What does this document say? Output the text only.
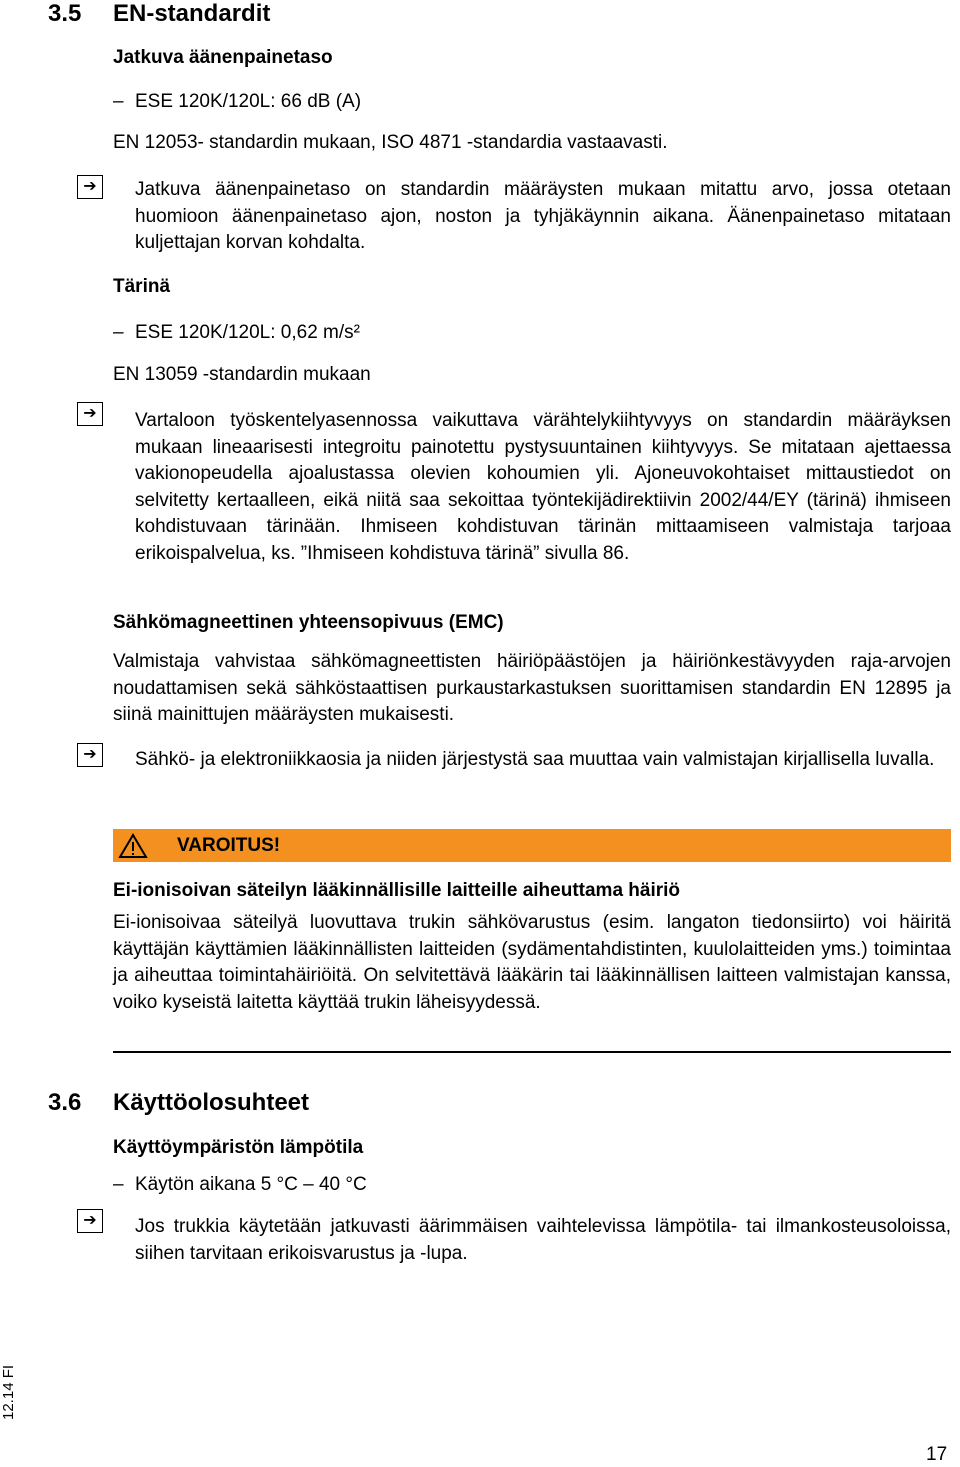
3.5 EN-standardit
Jatkuva äänenpainetaso
– ESE 120K/120L: 66 dB (A)
EN 12053- standardin mukaan, ISO 4871 -standardia vastaavasti.
➔	Jatkuva äänenpainetaso on standardin määräysten mukaan mitattu arvo, jossa otetaan huomioon äänenpainetaso ajon, noston ja tyhjäkäynnin aikana. Äänenpainetaso mitataan kuljettajan korvan kohdalta.
Tärinä
– ESE 120K/120L: 0,62 m/s²
EN 13059 -standardin mukaan
➔	Vartaloon työskentelyasennossa vaikuttava värähtelykiihtyvyys on standardin määräyksen mukaan lineaarisesti integroitu painotettu pystysuuntainen kiihtyvyys. Se mitataan ajettaessa vakionopeudella ajoalustassa olevien kohoumien yli. Ajoneuvokohtaiset mittaustiedot on selvitetty kertaalleen, eikä niitä saa sekoittaa työntekijädirektiivin 2002/44/EY (tärinä) ihmiseen kohdistuvaan tärinään. Ihmiseen kohdistuvan tärinän mittaamiseen valmistaja tarjoaa erikoispalvelua, ks. ”Ihmiseen kohdistuva tärinä” sivulla 86.
Sähkömagneettinen yhteensopivuus (EMC)
Valmistaja vahvistaa sähkömagneettisten häiriöpäästöjen ja häiriönkestävyyden raja-arvojen noudattamisen sekä sähköstaattisen purkaustarkastuksen suorittamisen standardin EN 12895 ja siinä mainittujen määräysten mukaisesti.
➔	Sähkö- ja elektroniikkaosia ja niiden järjestystä saa muuttaa vain valmistajan kirjallisella luvalla.
VAROITUS!
Ei-ionisoivan säteilyn lääkinnällisille laitteille aiheuttama häiriö
Ei-ionisoivaa säteilyä luovuttava trukin sähkövarustus (esim. langaton tiedonsiirto) voi häiritä käyttäjän käyttämien lääkinnällisten laitteiden (sydämentahdistinten, kuulolaitteiden yms.) toimintaa ja aiheuttaa toimintahäiriöitä. On selvitettävä lääkärin tai lääkinnällisen laitteen valmistajan kanssa, voiko kyseistä laitetta käyttää trukin läheisyydessä.
3.6 Käyttöolosuhteet
Käyttöympäristön lämpötila
– Käytön aikana 5 °C – 40 °C
➔	Jos trukkia käytetään jatkuvasti äärimmäisen vaihtelevissa lämpötila- tai ilmankosteusoloissa, siihen tarvitaan erikoisvarustus ja -lupa.
12.14 FI
17
